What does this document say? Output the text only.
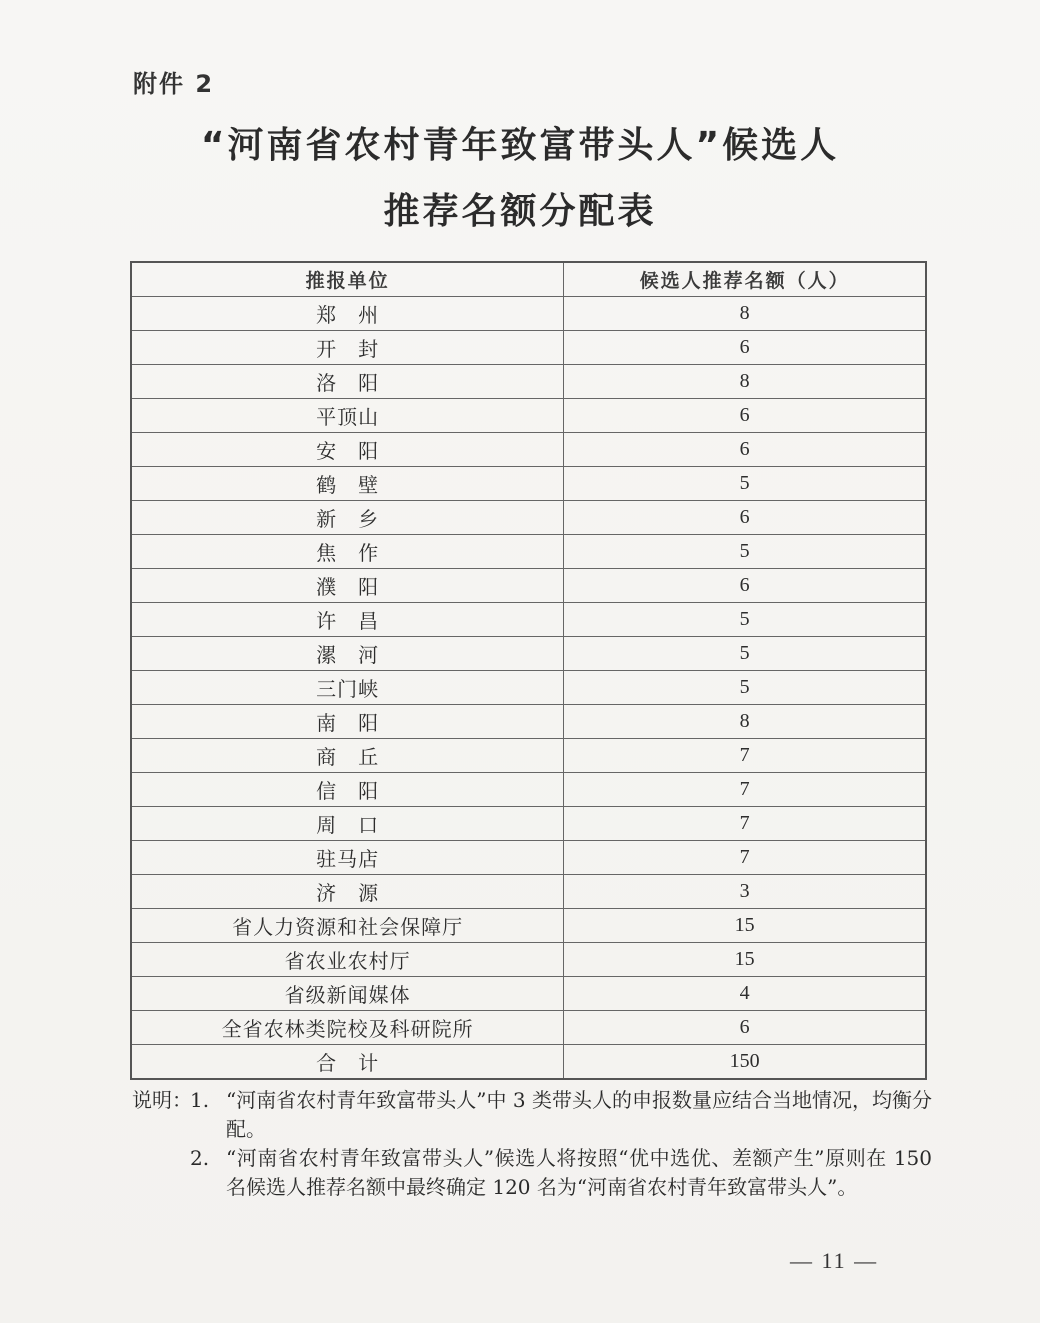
附件 2
“河南省农村青年致富带头人”候选人
推荐名额分配表
推报单位	候选人推荐名额（人）
郑　州	8
开　封	6
洛　阳	8
平顶山	6
安　阳	6
鹤　壁	5
新　乡	6
焦　作	5
濮　阳	6
许　昌	5
漯　河	5
三门峡	5
南　阳	8
商　丘	7
信　阳	7
周　口	7
驻马店	7
济　源	3
省人力资源和社会保障厅	15
省农业农村厅	15
省级新闻媒体	4
全省农林类院校及科研院所	6
合　计	150
说明：
1. “河南省农村青年致富带头人”中 3 类带头人的申报数量应结合当地情况，均衡分配。
2. “河南省农村青年致富带头人”候选人将按照“优中选优、差额产生”原则在 150 名候选人推荐名额中最终确定 120 名为“河南省农村青年致富带头人”。
— 11 —
